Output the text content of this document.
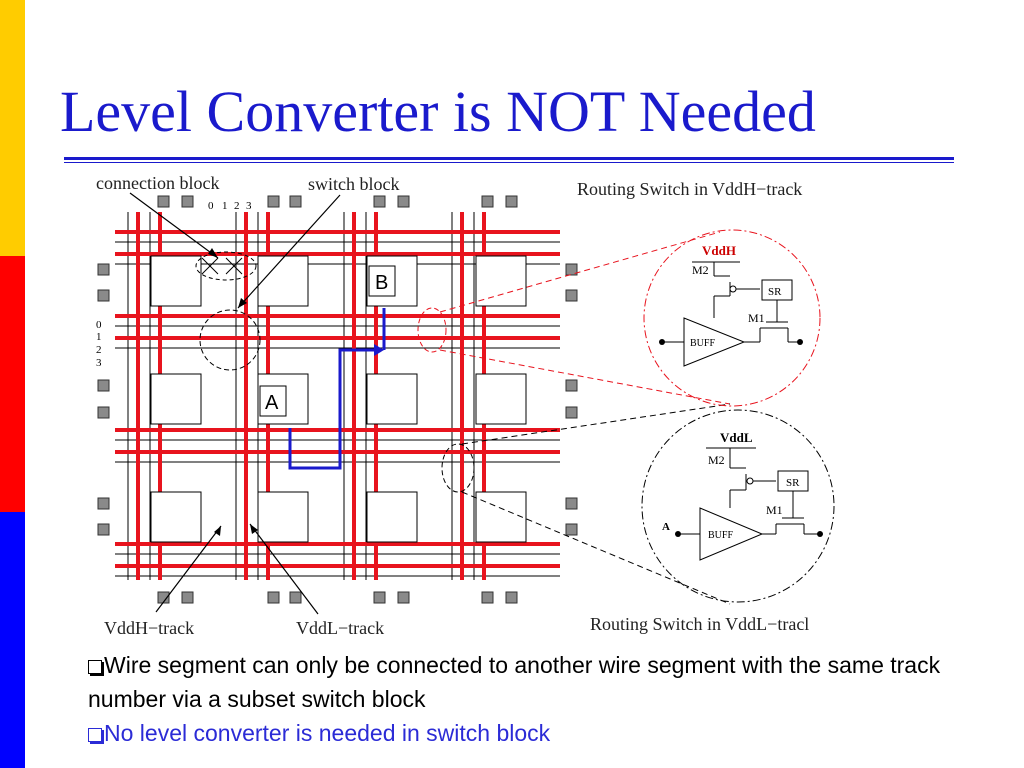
Level Converter is NOT Needed
connection block	switch block
0 1 2 3
0
1
2
3
B
A
Routing Switch in VddH−track
VddH
M2
SR
M1
BUFF
VddL
M2
SR
M1
BUFF
A
Routing Switch in VddL−tracl
VddH−track	VddL−track
Wire segment can only be connected to another wire segment with the same track number via a subset switch block
No level converter is needed in switch block
